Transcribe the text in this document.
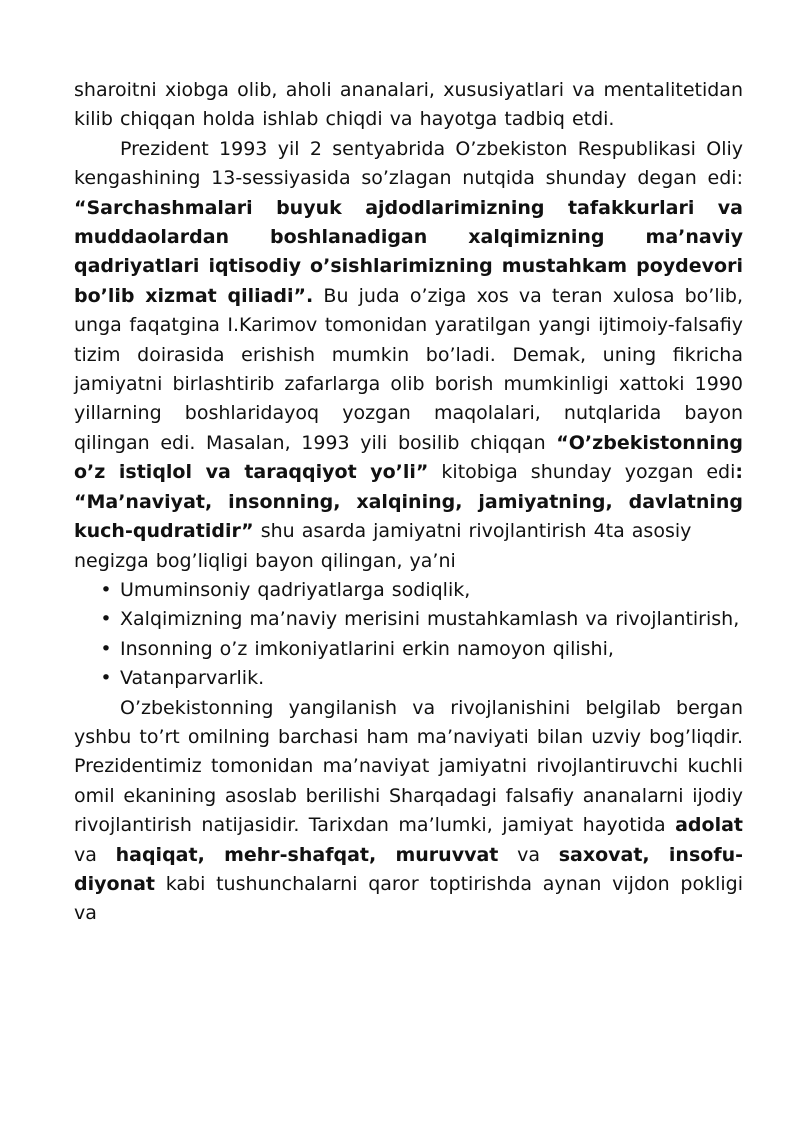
sharoitni xiobga olib, aholi ananalari, xususiyatlari va mentalitetidan kilib chiqqan holda ishlab chiqdi va hayotga tadbiq etdi.

Prezident 1993 yil 2 sentyabrida O’zbekiston Respublikasi Oliy kengashining 13-sessiyasida so’zlagan nutqida shunday degan edi: “Sarchashmalari buyuk ajdodlarimizning tafakkurlari va muddaolardan boshlanadigan xalqimizning ma’naviy qadriyatlari iqtisodiy o’sishlarimizning mustahkam poydevori bo’lib xizmat qiliadi”. Bu juda o’ziga xos va teran xulosa bo’lib, unga faqatgina I.Karimov tomonidan yaratilgan yangi ijtimoiy-falsafiy tizim doirasida erishish mumkin bo’ladi. Demak, uning fikricha jamiyatni birlashtirib zafarlarga olib borish mumkinligi xattoki 1990 yillarning boshlaridayoq yozgan maqolalari, nutqlarida bayon qilingan edi. Masalan, 1993 yili bosilib chiqqan “O’zbekistonning o’z istiqlol va taraqqiyot yo’li” kitobiga shunday yozgan edi: “Ma’naviyat, insonning, xalqining, jamiyatning, davlatning kuch-qudratidir” shu asarda jamiyatni rivojlantirish 4ta asosiy

negizga bog’liqligi bayon qilingan, ya’ni

• Umuminsoniy qadriyatlarga sodiqlik,
• Xalqimizning ma’naviy merisini mustahkamlash va rivojlantirish,
• Insonning o’z imkoniyatlarini erkin namoyon qilishi,
• Vatanparvarlik.

O’zbekistonning yangilanish va rivojlanishini belgilab bergan yshbu to’rt omilning barchasi ham ma’naviyati bilan uzviy bog’liqdir. Prezidentimiz tomonidan ma’naviyat jamiyatni rivojlantiruvchi kuchli omil ekanining asoslab berilishi Sharqadagi falsafiy ananalarni ijodiy rivojlantirish natijasidir. Tarixdan ma’lumki, jamiyat hayotida adolat va haqiqat, mehr-shafqat, muruvvat va saxovat, insofu-diyonat kabi tushunchalarni qaror toptirishda aynan vijdon pokligi va
